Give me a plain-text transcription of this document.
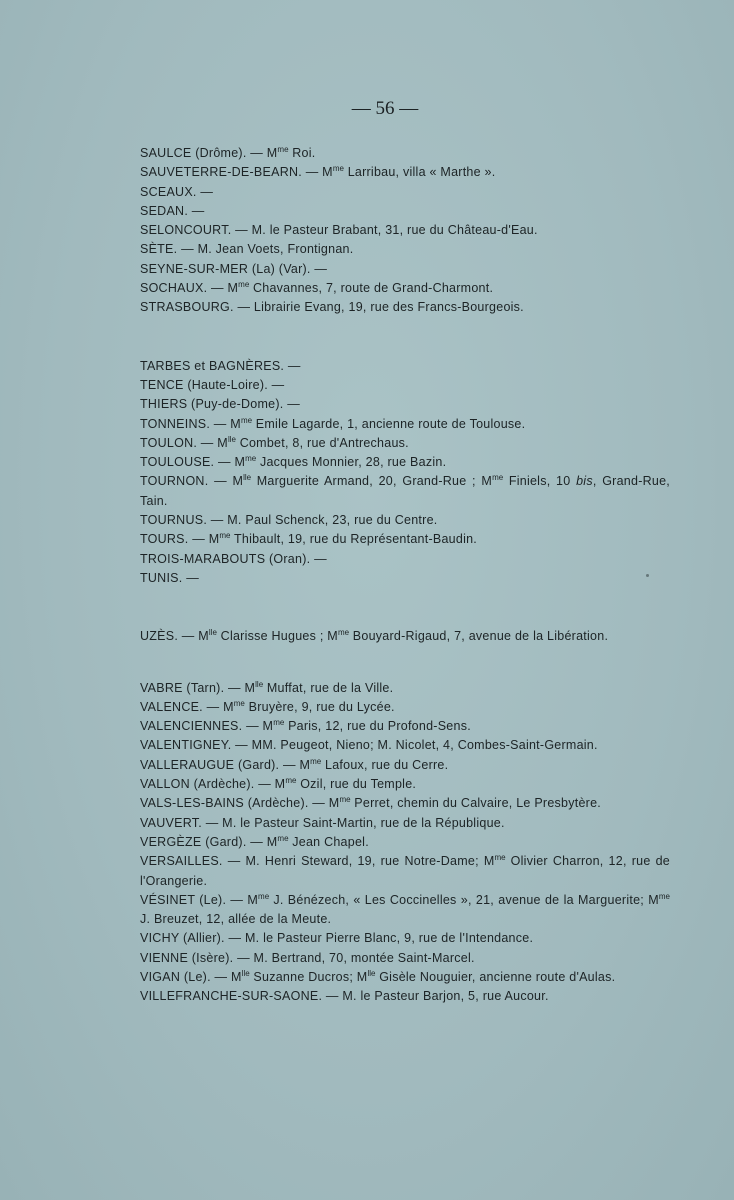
— 56 —
SAULCE (Drôme). — $M^{me}$ Roi.
SAUVETERRE-DE-BEARN. — $M^{me}$ Larribau, villa « Marthe ».
SCEAUX. —
SEDAN. —
SELONCOURT. — M. le Pasteur Brabant, 31, rue du Château-d'Eau.
SÈTE. — M. Jean Voets, Frontignan.
SEYNE-SUR-MER (La) (Var). —
SOCHAUX. — $M^{me}$ Chavannes, 7, route de Grand-Charmont.
STRASBOURG. — Librairie Evang, 19, rue des Francs-Bourgeois.
TARBES et BAGNÈRES. —
TENCE (Haute-Loire). —
THIERS (Puy-de-Dome). —
TONNEINS. — $M^{me}$ Emile Lagarde, 1, ancienne route de Toulouse.
TOULON. — $M^{lle}$ Combet, 8, rue d'Antrechaus.
TOULOUSE. — $M^{me}$ Jacques Monnier, 28, rue Bazin.
TOURNON. — $M^{lle}$ Marguerite Armand, 20, Grand-Rue ; $M^{me}$ Finiels, 10 bis, Grand-Rue, Tain.
TOURNUS. — M. Paul Schenck, 23, rue du Centre.
TOURS. — $M^{me}$ Thibault, 19, rue du Représentant-Baudin.
TROIS-MARABOUTS (Oran). —
TUNIS. —
UZÈS. — $M^{lle}$ Clarisse Hugues ; $M^{me}$ Bouyard-Rigaud, 7, avenue de la Libération.
VABRE (Tarn). — $M^{lle}$ Muffat, rue de la Ville.
VALENCE. — $M^{me}$ Bruyère, 9, rue du Lycée.
VALENCIENNES. — $M^{me}$ Paris, 12, rue du Profond-Sens.
VALENTIGNEY. — MM. Peugeot, Nieno; M. Nicolet, 4, Combes-Saint-Germain.
VALLERAUGUE (Gard). — $M^{me}$ Lafoux, rue du Cerre.
VALLON (Ardèche). — $M^{me}$ Ozil, rue du Temple.
VALS-LES-BAINS (Ardèche). — $M^{me}$ Perret, chemin du Calvaire, Le Presbytère.
VAUVERT. — M. le Pasteur Saint-Martin, rue de la République.
VERGÈZE (Gard). — $M^{me}$ Jean Chapel.
VERSAILLES. — M. Henri Steward, 19, rue Notre-Dame; $M^{me}$ Olivier Charron, 12, rue de l'Orangerie.
VÉSINET (Le). — $M^{me}$ J. Bénézech, « Les Coccinelles », 21, avenue de la Marguerite; $M^{me}$ J. Breuzet, 12, allée de la Meute.
VICHY (Allier). — M. le Pasteur Pierre Blanc, 9, rue de l'Intendance.
VIENNE (Isère). — M. Bertrand, 70, montée Saint-Marcel.
VIGAN (Le). — $M^{lle}$ Suzanne Ducros; $M^{lle}$ Gisèle Nouguier, ancienne route d'Aulas.
VILLEFRANCHE-SUR-SAONE. — M. le Pasteur Barjon, 5, rue Aucour.
